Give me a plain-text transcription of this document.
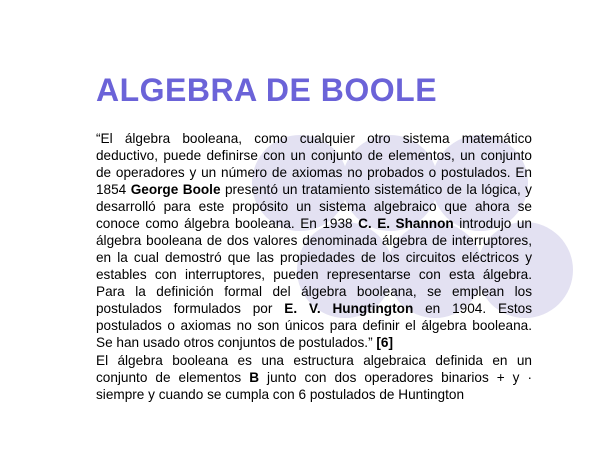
ALGEBRA DE BOOLE

“El álgebra booleana, como cualquier otro sistema matemático deductivo, puede definirse con un conjunto de elementos, un conjunto de operadores y un número de axiomas no probados o postulados. En 1854 George Boole presentó un tratamiento sistemático de la lógica, y desarrolló para este propósito un sistema algebraico que ahora se conoce como álgebra booleana. En 1938 C. E. Shannon introdujo un álgebra booleana de dos valores denominada álgebra de interruptores, en la cual demostró que las propiedades de los circuitos eléctricos y estables con interruptores, pueden representarse con esta álgebra. Para la definición formal del álgebra booleana, se emplean los postulados formulados por E. V. Hungtington en 1904. Estos postulados o axiomas no son únicos para definir el álgebra booleana. Se han usado otros conjuntos de postulados.” [6]

El álgebra booleana es una estructura algebraica definida en un conjunto de elementos B junto con dos operadores binarios + y · siempre y cuando se cumpla con 6 postulados de Huntington
